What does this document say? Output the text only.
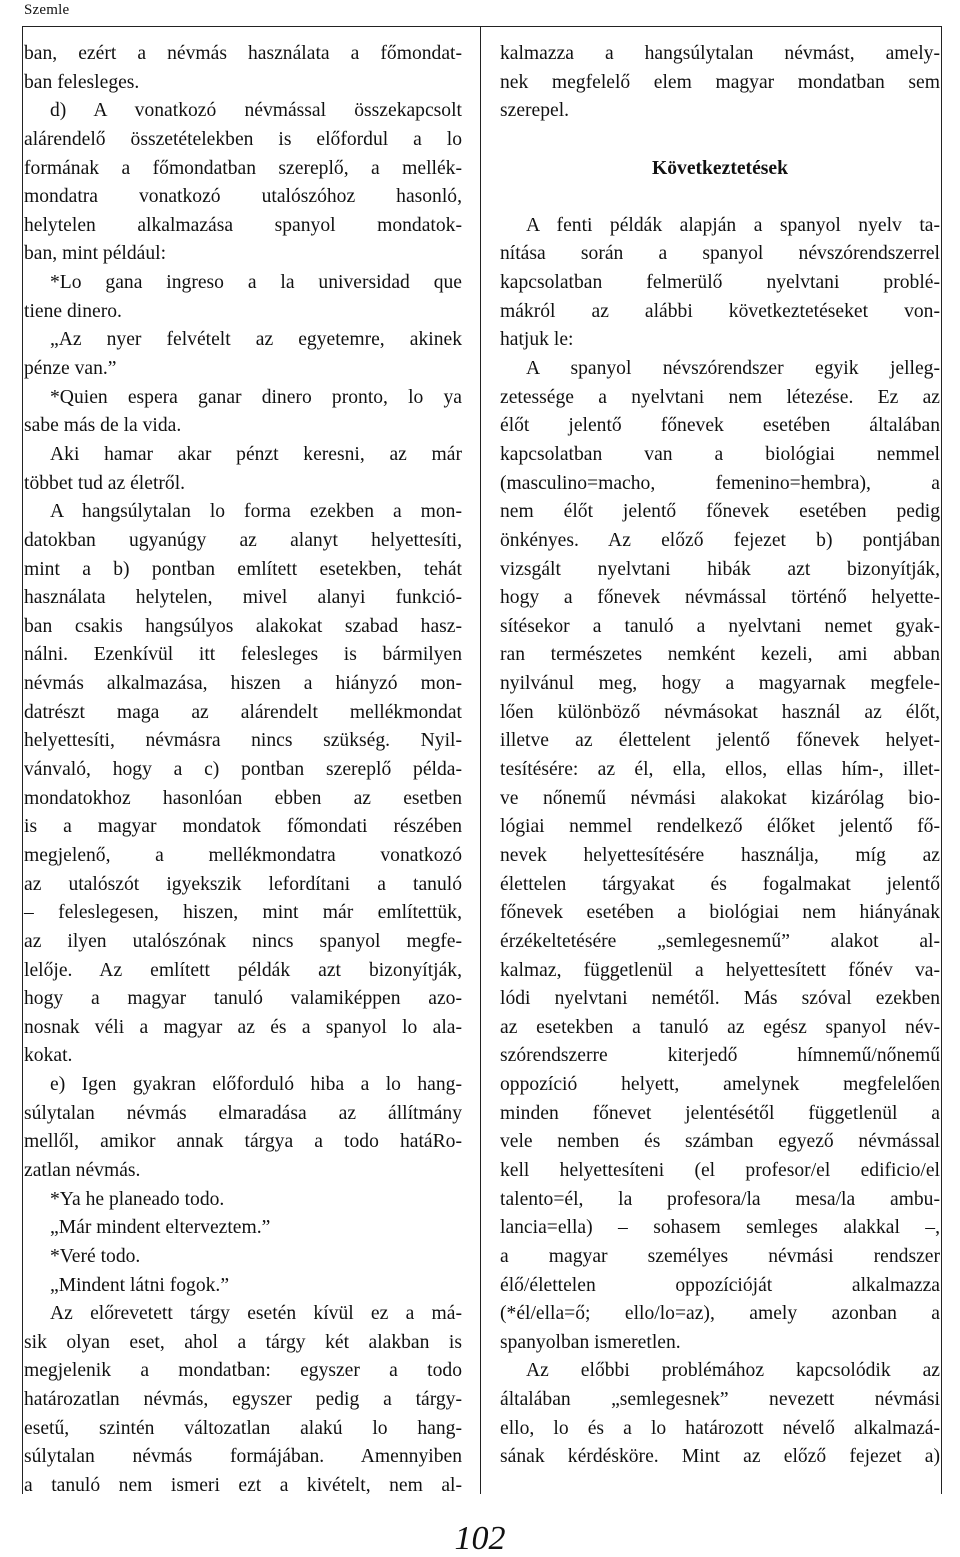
Szemle
ban, ezért a névmás használata a főmondat-
ban felesleges.
d) A vonatkozó névmással összekapcsolt
alárendelő összetételekben is előfordul a lo
formának a főmondatban szereplő, a mellék-
mondatra vonatkozó utalószóhoz hasonló,
helytelen alkalmazása spanyol mondatok-
ban, mint például:
*Lo gana ingreso a la universidad que
tiene dinero.
„Az nyer felvételt az egyetemre, akinek
pénze van.”
*Quien espera ganar dinero pronto, lo ya
sabe más de la vida.
Aki hamar akar pénzt keresni, az már
többet tud az életről.
A hangsúlytalan lo forma ezekben a mon-
datokban ugyanúgy az alanyt helyettesíti,
mint a b) pontban említett esetekben, tehát
használata helytelen, mivel alanyi funkció-
ban csakis hangsúlyos alakokat szabad hasz-
nálni. Ezenkívül itt felesleges is bármilyen
névmás alkalmazása, hiszen a hiányzó mon-
datrészt maga az alárendelt mellékmondat
helyettesíti, névmásra nincs szükség. Nyil-
vánvaló, hogy a c) pontban szereplő példa-
mondatokhoz hasonlóan ebben az esetben
is a magyar mondatok főmondati részében
megjelenő, a mellékmondatra vonatkozó
az utalószót igyekszik lefordítani a tanuló
– feleslegesen, hiszen, mint már említettük,
az ilyen utalószónak nincs spanyol megfe-
lelője. Az említett példák azt bizonyítják,
hogy a magyar tanuló valamiképpen azo-
nosnak véli a magyar az és a spanyol lo ala-
kokat.
e) Igen gyakran előforduló hiba a lo hang-
súlytalan névmás elmaradása az állítmány
mellől, amikor annak tárgya a todo hatáRo-
zatlan névmás.
*Ya he planeado todo.
„Már mindent elterveztem.”
*Veré todo.
„Mindent látni fogok.”
Az előrevetett tárgy esetén kívül ez a má-
sik olyan eset, ahol a tárgy két alakban is
megjelenik a mondatban: egyszer a todo
határozatlan névmás, egyszer pedig a tárgy-
esetű, szintén változatlan alakú lo hang-
súlytalan névmás formájában. Amennyiben
a tanuló nem ismeri ezt a kivételt, nem al-
kalmazza a hangsúlytalan névmást, amely-
nek megfelelő elem magyar mondatban sem
szerepel.
Következtetések
A fenti példák alapján a spanyol nyelv ta-
nítása során a spanyol névszórendszerrel
kapcsolatban felmerülő nyelvtani problé-
mákról az alábbi következtetéseket von-
hatjuk le:
A spanyol névszórendszer egyik jelleg-
zetessége a nyelvtani nem létezése. Ez az
élőt jelentő főnevek esetében általában
kapcsolatban van a biológiai nemmel
(masculino=macho, femenino=hembra), a
nem élőt jelentő főnevek esetében pedig
önkényes. Az előző fejezet b) pontjában
vizsgált nyelvtani hibák azt bizonyítják,
hogy a főnevek névmással történő helyette-
sítésekor a tanuló a nyelvtani nemet gyak-
ran természetes nemként kezeli, ami abban
nyilvánul meg, hogy a magyarnak megfele-
lően különböző névmásokat használ az élőt,
illetve az élettelent jelentő főnevek helyet-
tesítésére: az él, ella, ellos, ellas hím-, illet-
ve nőnemű névmási alakokat kizárólag bio-
lógiai nemmel rendelkező élőket jelentő fő-
nevek helyettesítésére használja, míg az
élettelen tárgyakat és fogalmakat jelentő
főnevek esetében a biológiai nem hiányának
érzékeltetésére „semlegesnemű” alakot al-
kalmaz, függetlenül a helyettesített főnév va-
lódi nyelvtani nemétől. Más szóval ezekben
az esetekben a tanuló az egész spanyol név-
szórendszerre kiterjedő hímnemű/nőnemű
oppozíció helyett, amelynek megfelelően
minden főnevet jelentésétől függetlenül a
vele nemben és számban egyező névmással
kell helyettesíteni (el profesor/el edificio/el
talento=él, la profesora/la mesa/la ambu-
lancia=ella) – sohasem semleges alakkal –,
a magyar személyes névmási rendszer
élő/élettelen oppozícióját alkalmazza
(*él/ella=ő; ello/lo=az), amely azonban a
spanyolban ismeretlen.
Az előbbi problémához kapcsolódik az
általában „semlegesnek” nevezett névmási
ello, lo és a lo határozott névelő alkalmazá-
sának kérdésköre. Mint az előző fejezet a)
102
